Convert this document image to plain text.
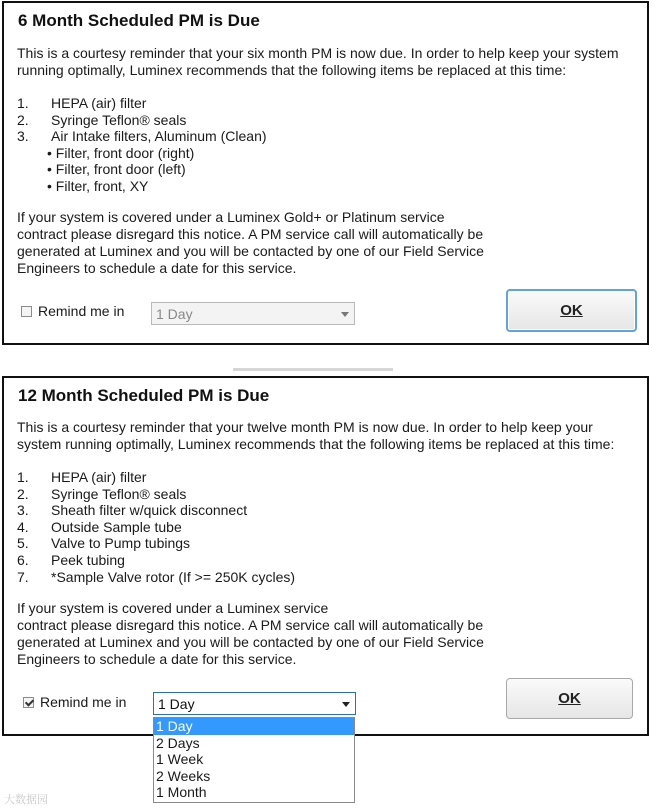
6 Month Scheduled PM is Due

This is a courtesy reminder that your six month PM is now due. In order to help keep your system
running optimally, Luminex recommends that the following items be replaced at this time:

1. HEPA (air) filter
2. Syringe Teflon® seals
3. Air Intake filters, Aluminum (Clean)
• Filter, front door (right)
• Filter, front door (left)
• Filter, front, XY

If your system is covered under a Luminex Gold+ or Platinum service
contract please disregard this notice. A PM service call will automatically be
generated at Luminex and you will be contacted by one of our Field Service
Engineers to schedule a date for this service.

Remind me in 1 Day	OK
12 Month Scheduled PM is Due

This is a courtesy reminder that your twelve month PM is now due. In order to help keep your
system running optimally, Luminex recommends that the following items be replaced at this time:

1. HEPA (air) filter
2. Syringe Teflon® seals
3. Sheath filter w/quick disconnect
4. Outside Sample tube
5. Valve to Pump tubings
6. Peek tubing
7. *Sample Valve rotor (If >= 250K cycles)

If your system is covered under a Luminex service
contract please disregard this notice. A PM service call will automatically be
generated at Luminex and you will be contacted by one of our Field Service
Engineers to schedule a date for this service.

Remind me in 1 Day	OK
1 Day
2 Days
1 Week
2 Weeks
1 Month
大数据园
